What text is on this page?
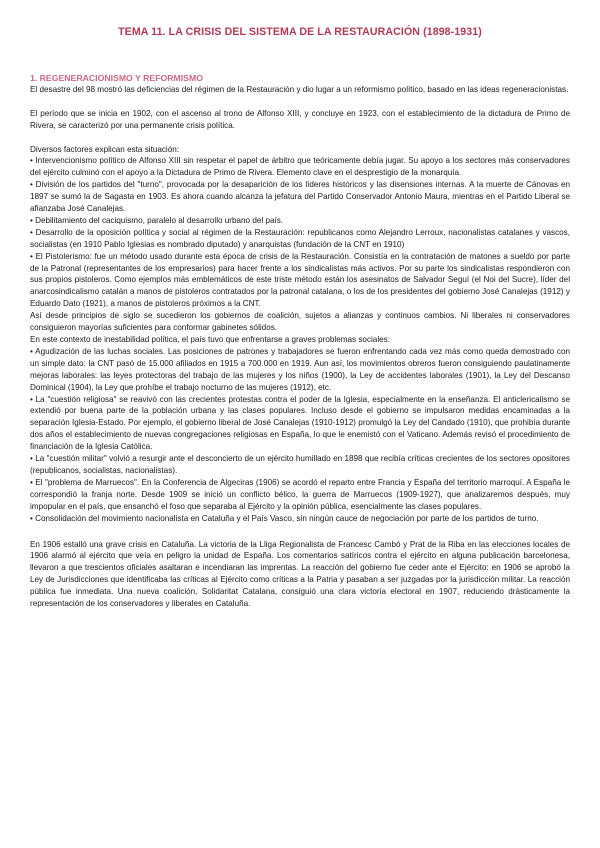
TEMA 11. LA CRISIS DEL SISTEMA DE LA RESTAURACIÓN (1898-1931)
1. REGENERACIONISMO Y REFORMISMO

El desastre del 98 mostró las deficiencias del régimen de la Restauración y dio lugar a un reformismo político, basado en las ideas regeneracionistas.

El período que se inicia en 1902, con el ascenso al trono de Alfonso XIII, y concluye en 1923, con el establecimiento de la dictadura de Primo de Rivera, se caracterizó por una permanente crisis política.

Diversos factores explican esta situación:

• Intervencionismo político de Alfonso XIII sin respetar el papel de árbitro que teóricamente debía jugar. Su apoyo a los sectores más conservadores del ejército culminó con el apoyo a la Dictadura de Primo de Rivera. Elemento clave en el desprestigio de la monarquía.

• División de los partidos del "turno", provocada por la desaparición de los líderes históricos y las disensiones internas. A la muerte de Cánovas en 1897 se sumó la de Sagasta en 1903. Es ahora cuando alcanza la jefatura del Partido Conservador Antonio Maura, mientras en el Partido Liberal se afianzaba José Canalejas.

• Debilitamiento del caciquismo, paralelo al desarrollo urbano del país.

• Desarrollo de la oposición política y social al régimen de la Restauración: republicanos como Alejandro Lerroux, nacionalistas catalanes y vascos, socialistas (en 1910 Pablo Iglesias es nombrado diputado) y anarquistas (fundación de la CNT en 1910)

• El Pistolerismo: fue un método usado durante esta época de crisis de la Restauración. Consistía en la contratación de matones a sueldo por parte de la Patronal (representantes de los empresarios) para hacer frente a los sindicalistas más activos. Por su parte los sindicalistas respondieron con sus propios pistoleros. Como ejemplos más emblemáticos de este triste método están los asesinatos de Salvador Seguí (el Noi del Sucre), líder del anarcosindicalismo catalán a manos de pistoleros contratados por la patronal catalana, o los de los presidentes del gobierno José Canalejas (1912) y Eduardo Dato (1921), a manos de pistoleros próximos a la CNT.

Así desde principios de siglo se sucedieron los gobiernos de coalición, sujetos a alianzas y continuos cambios. Ni liberales ni conservadores consiguieron mayorías suficientes para conformar gabinetes sólidos.

En este contexto de inestabilidad política, el país tuvo que enfrentarse a graves problemas sociales:

• Agudización de las luchas sociales. Las posiciones de patrones y trabajadores se fueron enfrentando cada vez más como queda demostrado con un simple dato: la CNT pasó de 15.000 afiliados en 1915 a 700.000 en 1919. Aun así, los movimientos obreros fueron consiguiendo paulatinamente mejoras laborales: las leyes protectoras del trabajo de las mujeres y los niños (1900), la Ley de accidentes laborales (1901), la Ley del Descanso Dominical (1904), la Ley que prohíbe el trabajo nocturno de las mujeres (1912), etc.

• La "cuestión religiosa" se reavivó con las crecientes protestas contra el poder de la Iglesia, especialmente en la enseñanza. El anticlericalismo se extendió por buena parte de la población urbana y las clases populares. Incluso desde el gobierno se impulsaron medidas encaminadas a la separación Iglesia-Estado. Por ejemplo, el gobierno liberal de José Canalejas (1910-1912) promulgó la Ley del Candado (1910), que prohibía durante dos años el establecimiento de nuevas congregaciones religiosas en España, lo que le enemistó con el Vaticano. Además revisó el procedimiento de financiación de la Iglesia Católica.

• La "cuestión militar" volvió a resurgir ante el desconcierto de un ejército humillado en 1898 que recibía críticas crecientes de los sectores opositores (republicanos, socialistas, nacionalistas).

• El "problema de Marruecos". En la Conferencia de Algeciras (1906) se acordó el reparto entre Francia y España del territorio marroquí. A España le correspondió la franja norte. Desde 1909 se inició un conflicto bélico, la guerra de Marruecos (1909-1927), que analizaremos después, muy impopular en el país, que ensanchó el foso que separaba al Ejército y la opinión pública, esencialmente las clases populares.

• Consolidación del movimiento nacionalista en Cataluña y el País Vasco, sin ningún cauce de negociación por parte de los partidos de turno.

En 1906 estalló una grave crisis en Cataluña. La victoria de la Lliga Regionalista de Francesc Cambó y Prat de la Riba en las elecciones locales de 1906 alarmó al ejército que veía en peligro la unidad de España. Los comentarios satíricos contra el ejército en alguna publicación barcelonesa, llevaron a que trescientos oficiales asaltaran e incendiaran las imprentas. La reacción del gobierno fue ceder ante el Ejército: en 1906 se aprobó la Ley de Jurisdicciones que identificaba las críticas al Ejército como críticas a la Patria y pasaban a ser juzgadas por la jurisdicción militar. La reacción pública fue inmediata. Una nueva coalición, Solidaritat Catalana, consiguió una clara victoria electoral en 1907, reduciendo drásticamente la representación de los conservadores y liberales en Cataluña.
